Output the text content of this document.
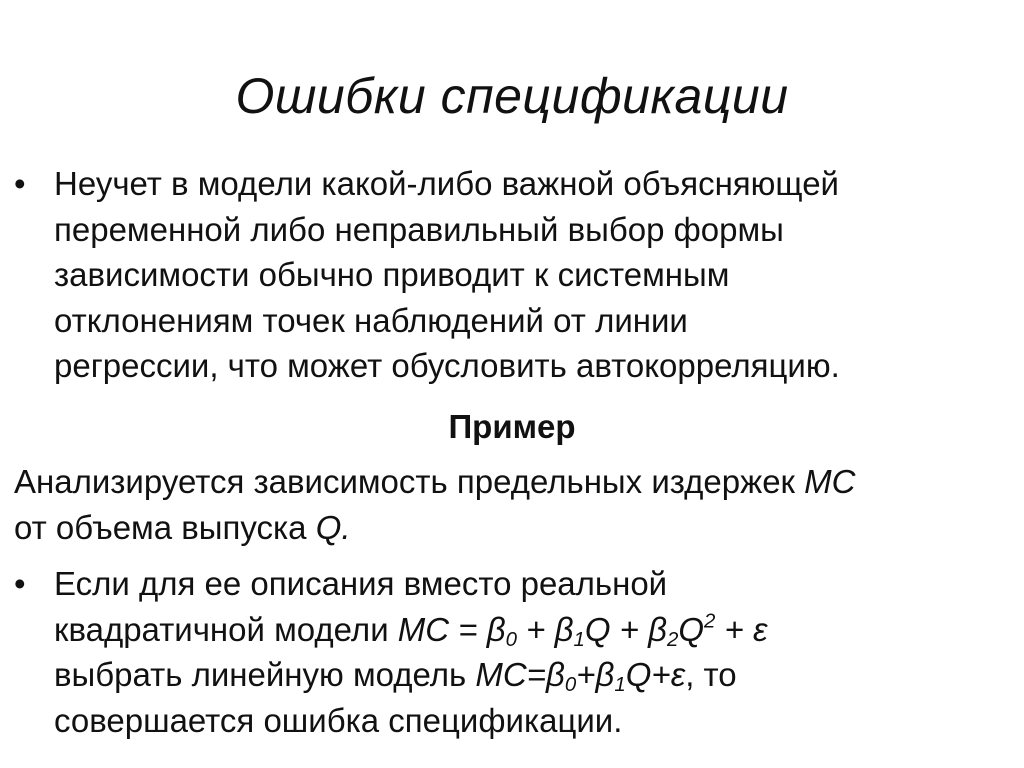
Ошибки спецификации
• Неучет в модели какой-либо важной объясняющей
переменной либо неправильный выбор формы
зависимости обычно приводит к системным
отклонениям точек наблюдений от линии
регрессии, что может обусловить автокорреляцию.
Пример
Анализируется зависимость предельных издержек MC
от объема выпуска Q.
• Если для ее описания вместо реальной
квадратичной модели MC = $\beta_0 + \beta_1Q + \beta_2Q^2 + \varepsilon$
выбрать линейную модель $MC=\beta_0+\beta_1Q+\varepsilon$, то
совершается ошибка спецификации.
